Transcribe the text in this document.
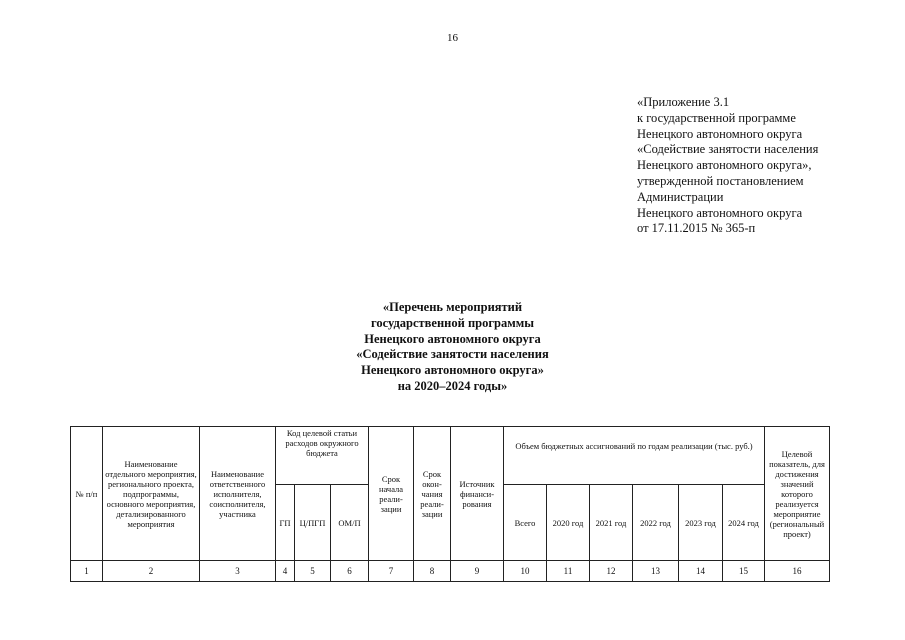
16
«Приложение 3.1
к государственной программе
Ненецкого автономного округа
«Содействие занятости населения
Ненецкого автономного округа»,
утвержденной постановлением
Администрации
Ненецкого автономного округа
от 17.11.2015 № 365-п
«Перечень мероприятий
государственной программы
Ненецкого автономного округа
«Содействие занятости населения
Ненецкого автономного округа»
на 2020–2024 годы»
№ п/п	Наименование отдельного мероприятия, регионального проекта, подпрограммы, основного мероприятия, детализированного мероприятия	Наименование ответственного исполнителя, соисполнителя, участника	Код целевой статьи расходов окружного бюджета			Срок начала реали-зации	Срок окон-чания реали-зации	Источник финанси-рования	Объем бюджетных ассигнований по годам реализации (тыс. руб.)						Целевой показатель, для достижения значений которого реализуется мероприятие (региональный проект)
			ГП	Ц/ПГП	ОМ/П				Всего	2020 год	2021 год	2022 год	2023 год	2024 год	
1	2	3	4	5	6	7	8	9	10	11	12	13	14	15	16
